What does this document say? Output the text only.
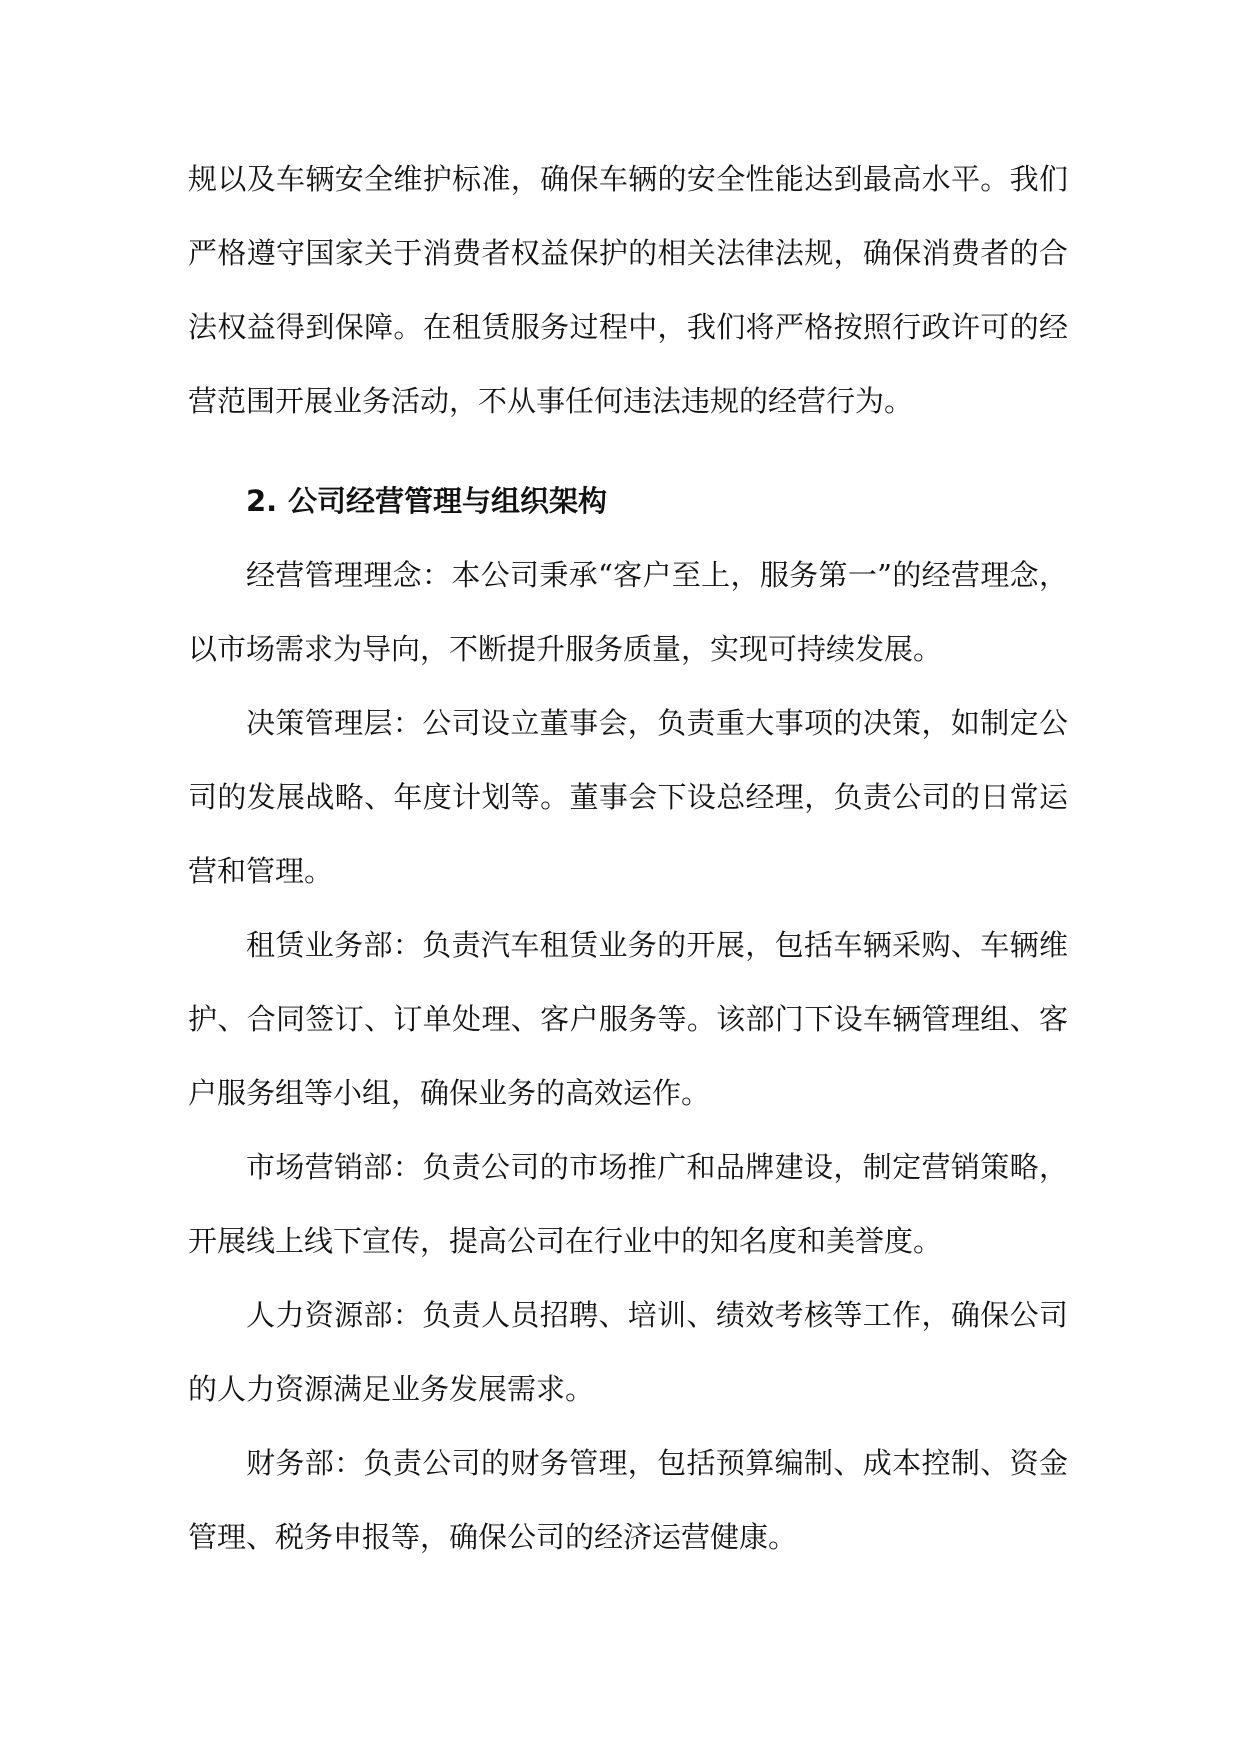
规以及车辆安全维护标准，确保车辆的安全性能达到最高水平。我们严格遵守国家关于消费者权益保护的相关法律法规，确保消费者的合法权益得到保障。在租赁服务过程中，我们将严格按照行政许可的经营范围开展业务活动，不从事任何违法违规的经营行为。

2. 公司经营管理与组织架构

经营管理理念：本公司秉承“客户至上，服务第一”的经营理念，以市场需求为导向，不断提升服务质量，实现可持续发展。

决策管理层：公司设立董事会，负责重大事项的决策，如制定公司的发展战略、年度计划等。董事会下设总经理，负责公司的日常运营和管理。

租赁业务部：负责汽车租赁业务的开展，包括车辆采购、车辆维护、合同签订、订单处理、客户服务等。该部门下设车辆管理组、客户服务组等小组，确保业务的高效运作。

市场营销部：负责公司的市场推广和品牌建设，制定营销策略，开展线上线下宣传，提高公司在行业中的知名度和美誉度。

人力资源部：负责人员招聘、培训、绩效考核等工作，确保公司的人力资源满足业务发展需求。

财务部：负责公司的财务管理，包括预算编制、成本控制、资金管理、税务申报等，确保公司的经济运营健康。
